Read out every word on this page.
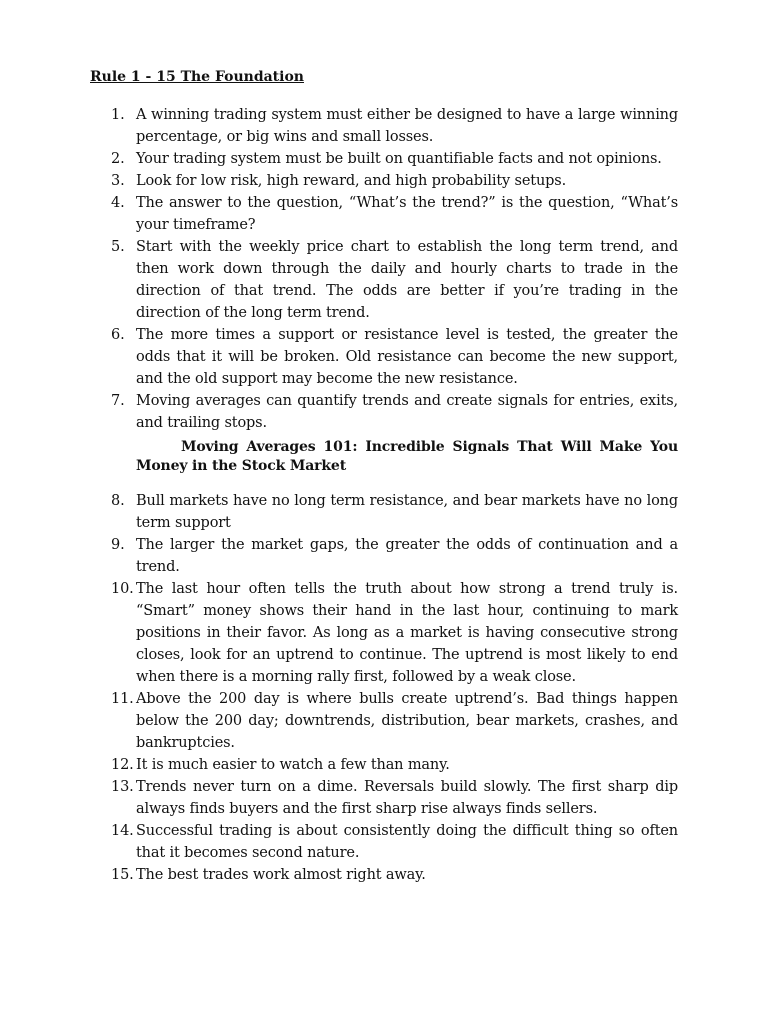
Rule 1 - 15 The Foundation
1. A winning trading system must either be designed to have a large winning percentage, or big wins and small losses.
2. Your trading system must be built on quantifiable facts and not opinions.
3. Look for low risk, high reward, and high probability setups.
4. The answer to the question, “What’s the trend?” is the question, “What’s your timeframe?
5. Start with the weekly price chart to establish the long term trend, and then work down through the daily and hourly charts to trade in the direction of that trend. The odds are better if you’re trading in the direction of the long term trend.
6. The more times a support or resistance level is tested, the greater the odds that it will be broken. Old resistance can become the new support, and the old support may become the new resistance.
7. Moving averages can quantify trends and create signals for entries, exits, and trailing stops.
Moving Averages 101: Incredible Signals That Will Make You Money in the Stock Market
8. Bull markets have no long term resistance, and bear markets have no long term support
9. The larger the market gaps, the greater the odds of continuation and a trend.
10. The last hour often tells the truth about how strong a trend truly is. “Smart” money shows their hand in the last hour, continuing to mark positions in their favor. As long as a market is having consecutive strong closes, look for an uptrend to continue. The uptrend is most likely to end when there is a morning rally first, followed by a weak close.
11. Above the 200 day is where bulls create uptrend’s. Bad things happen below the 200 day; downtrends, distribution, bear markets, crashes, and bankruptcies.
12. It is much easier to watch a few than many.
13. Trends never turn on a dime. Reversals build slowly. The first sharp dip always finds buyers and the first sharp rise always finds sellers.
14. Successful trading is about consistently doing the difficult thing so often that it becomes second nature.
15. The best trades work almost right away.
